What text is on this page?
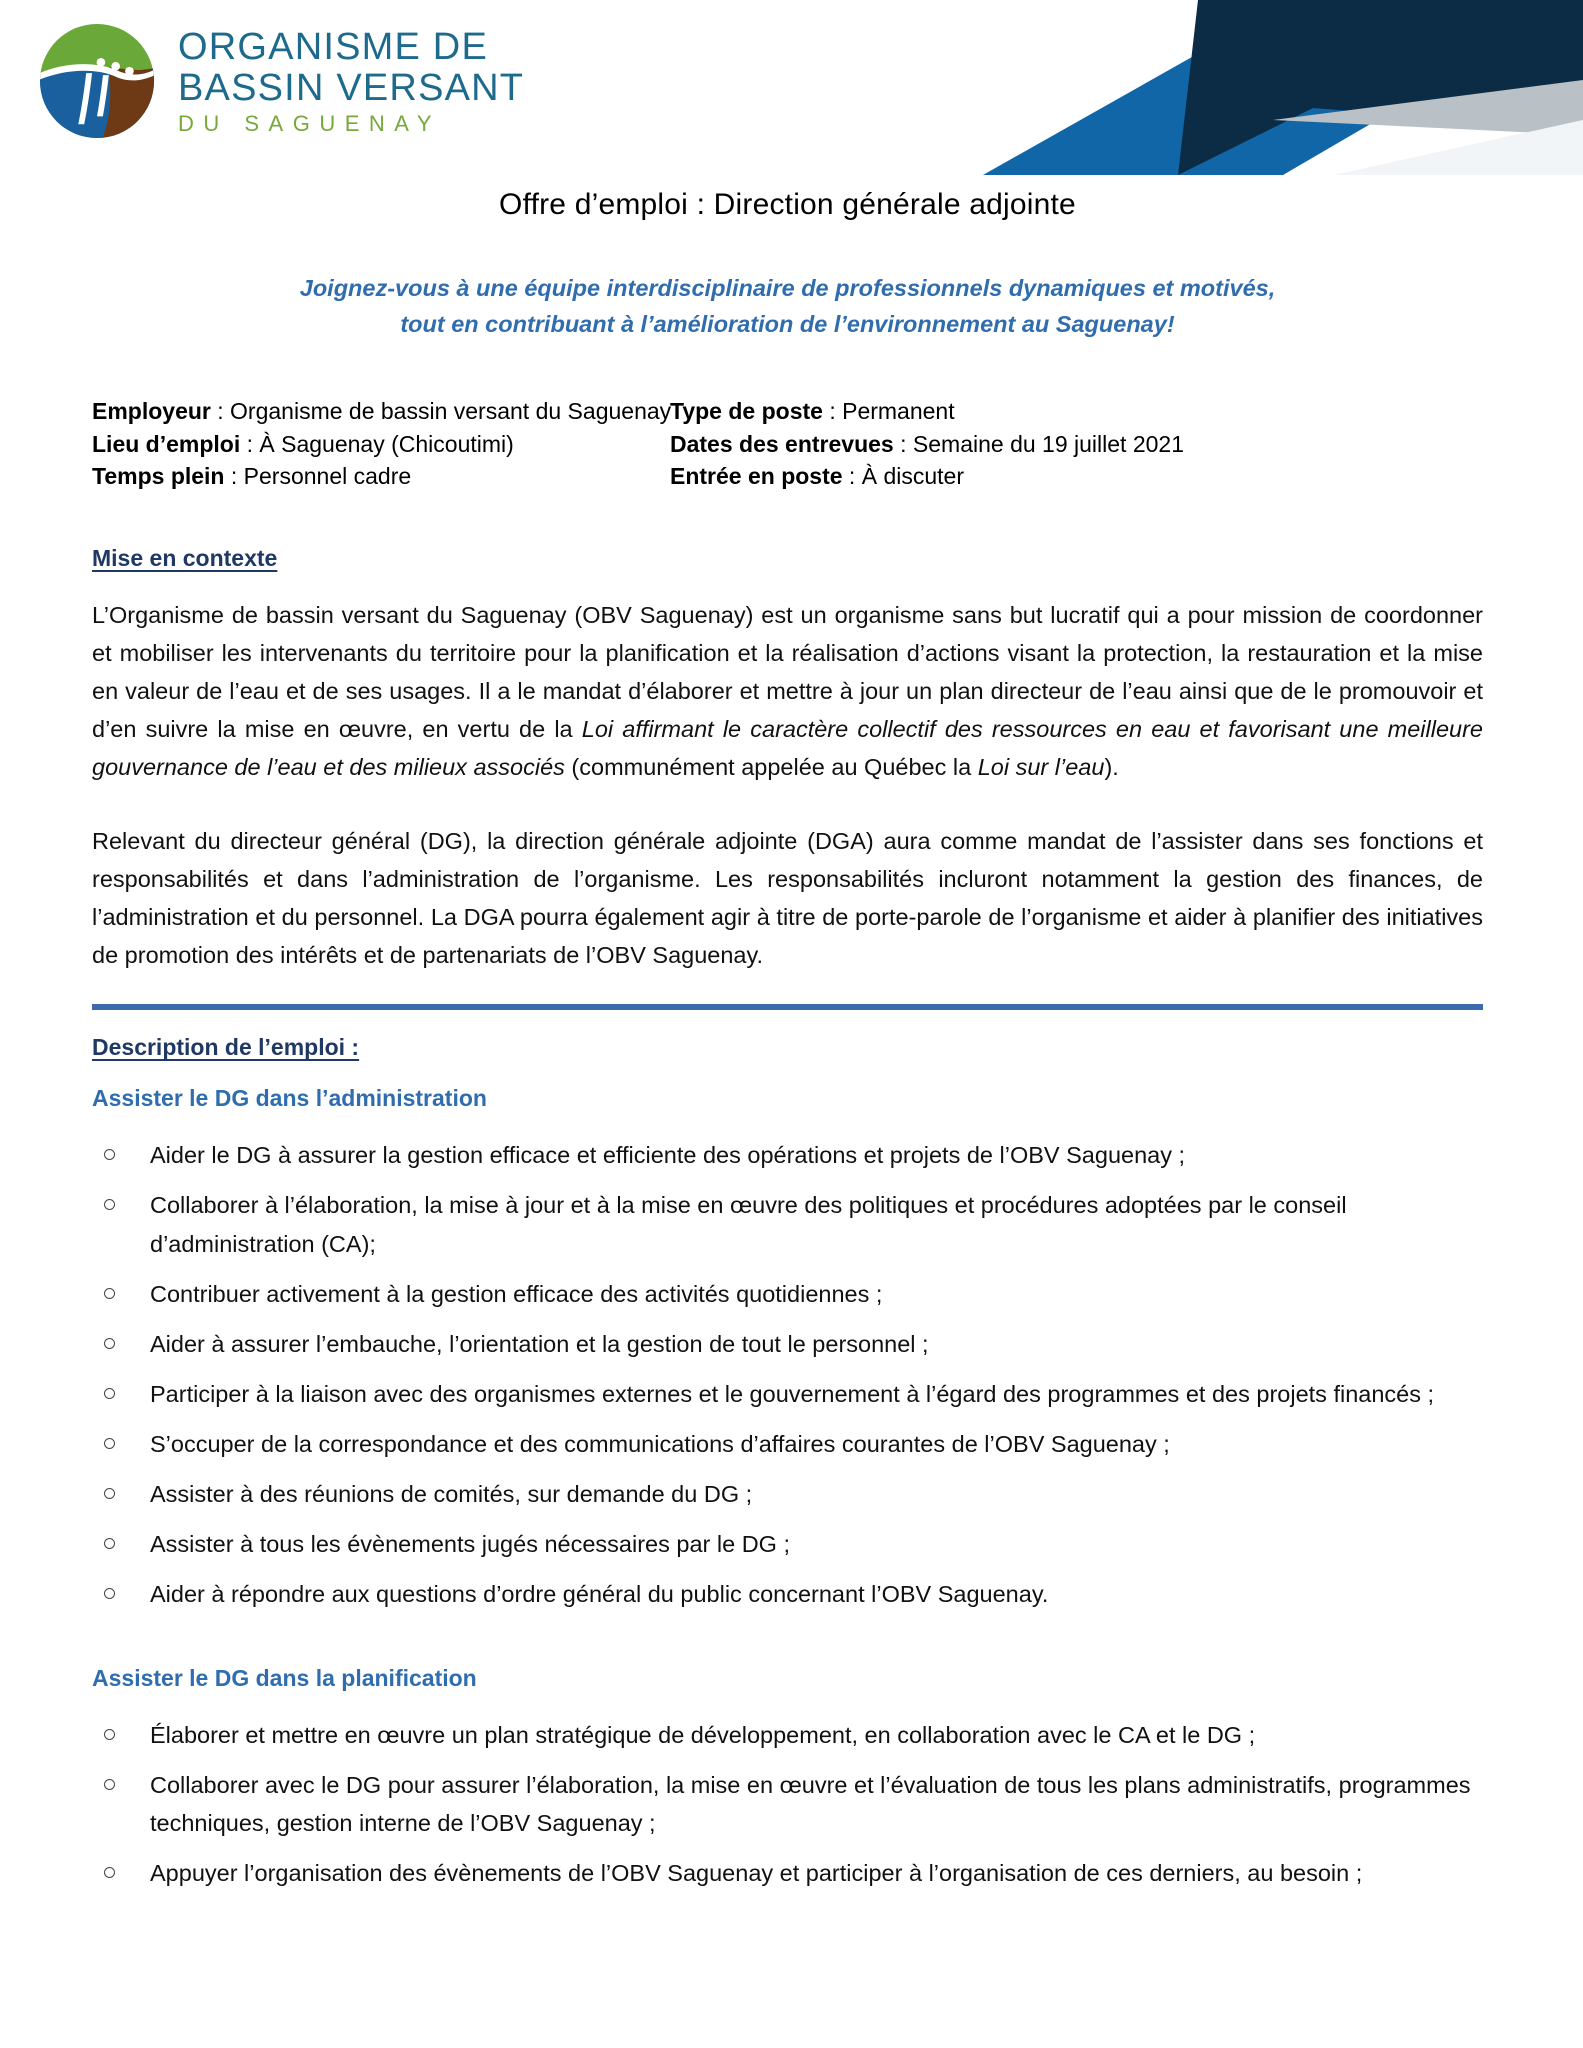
ORGANISME DE
BASSIN VERSANT
DU SAGUENAY
Offre d’emploi : Direction générale adjointe
Joignez-vous à une équipe interdisciplinaire de professionnels dynamiques et motivés,
tout en contribuant à l’amélioration de l’environnement au Saguenay!
Employeur : Organisme de bassin versant du Saguenay
Lieu d’emploi : À Saguenay (Chicoutimi)
Temps plein : Personnel cadre
Type de poste : Permanent
Dates des entrevues : Semaine du 19 juillet 2021
Entrée en poste : À discuter
Mise en contexte

L’Organisme de bassin versant du Saguenay (OBV Saguenay) est un organisme sans but lucratif qui a pour mission de coordonner et mobiliser les intervenants du territoire pour la planification et la réalisation d’actions visant la protection, la restauration et la mise en valeur de l’eau et de ses usages. Il a le mandat d’élaborer et mettre à jour un plan directeur de l’eau ainsi que de le promouvoir et d’en suivre la mise en œuvre, en vertu de la Loi affirmant le caractère collectif des ressources en eau et favorisant une meilleure gouvernance de l’eau et des milieux associés (communément appelée au Québec la Loi sur l’eau).

Relevant du directeur général (DG), la direction générale adjointe (DGA) aura comme mandat de l’assister dans ses fonctions et responsabilités et dans l’administration de l’organisme. Les responsabilités incluront notamment la gestion des finances, de l’administration et du personnel. La DGA pourra également agir à titre de porte-parole de l’organisme et aider à planifier des initiatives de promotion des intérêts et de partenariats de l’OBV Saguenay.

Description de l’emploi :
Assister le DG dans l’administration
Aider le DG à assurer la gestion efficace et efficiente des opérations et projets de l’OBV Saguenay ;
Collaborer à l’élaboration, la mise à jour et à la mise en œuvre des politiques et procédures adoptées par le conseil d’administration (CA);
Contribuer activement à la gestion efficace des activités quotidiennes ;
Aider à assurer l’embauche, l’orientation et la gestion de tout le personnel ;
Participer à la liaison avec des organismes externes et le gouvernement à l’égard des programmes et des projets financés ;
S’occuper de la correspondance et des communications d’affaires courantes de l’OBV Saguenay ;
Assister à des réunions de comités, sur demande du DG ;
Assister à tous les évènements jugés nécessaires par le DG ;
Aider à répondre aux questions d’ordre général du public concernant l’OBV Saguenay.
Assister le DG dans la planification
Élaborer et mettre en œuvre un plan stratégique de développement, en collaboration avec le CA et le DG ;
Collaborer avec le DG pour assurer l’élaboration, la mise en œuvre et l’évaluation de tous les plans administratifs, programmes techniques, gestion interne de l’OBV Saguenay ;
Appuyer l’organisation des évènements de l’OBV Saguenay et participer à l’organisation de ces derniers, au besoin ;
